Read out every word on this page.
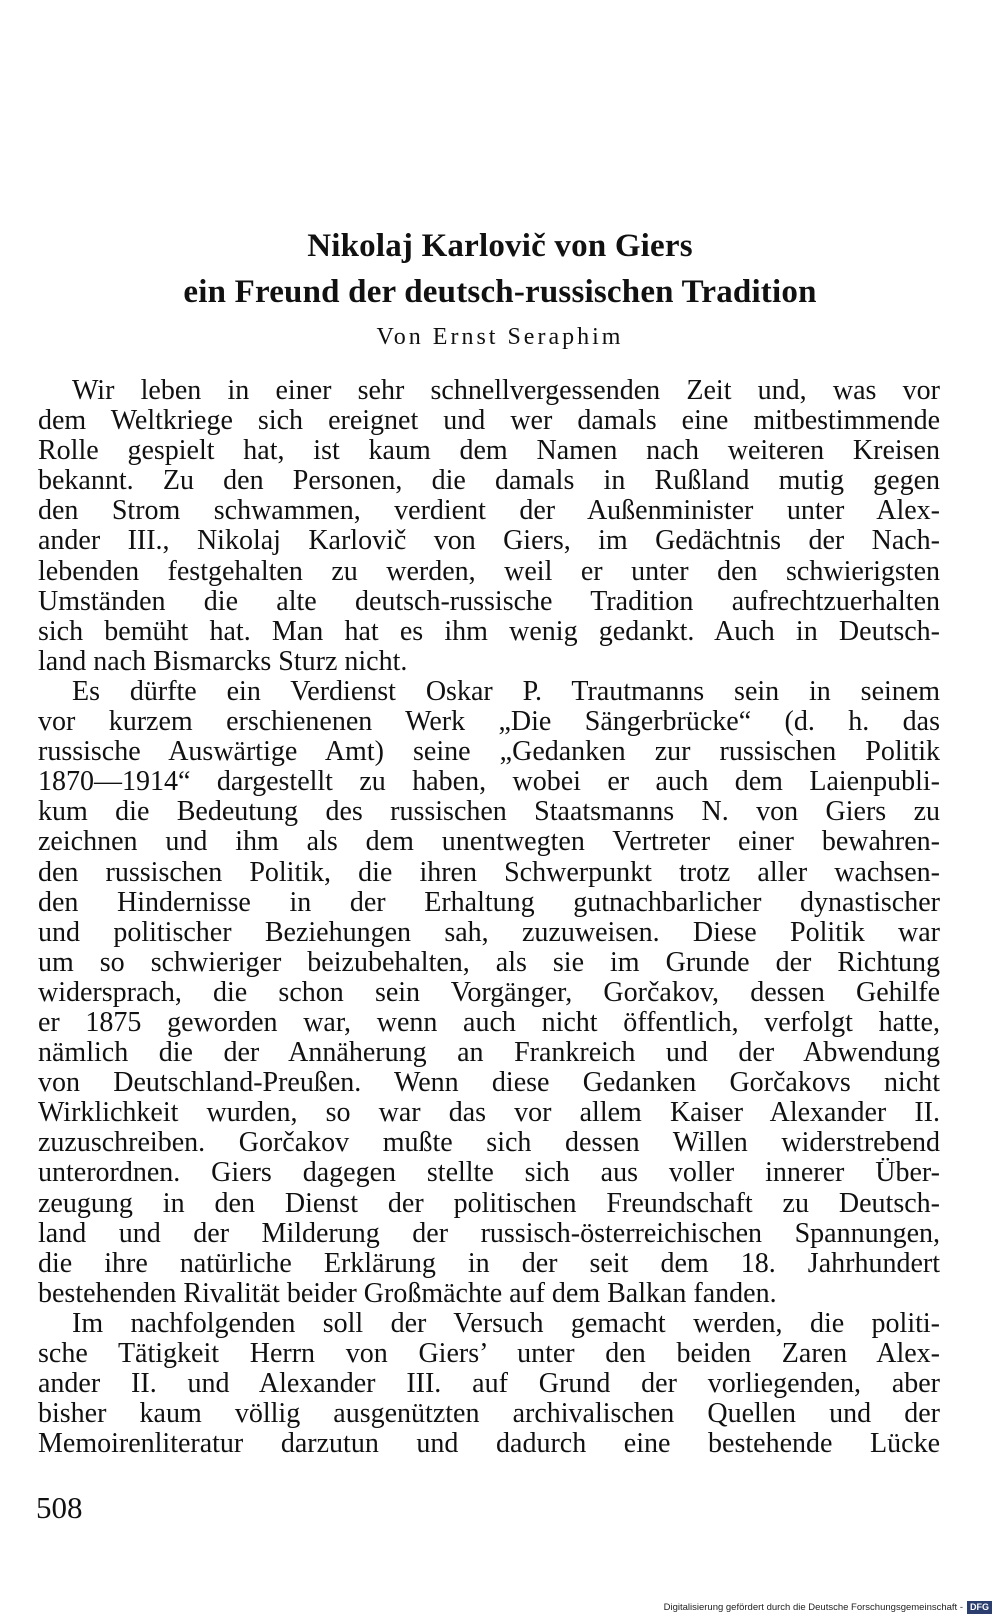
Nikolaj Karlovič von Giers
ein Freund der deutsch-russischen Tradition
Von Ernst Seraphim
Wir leben in einer sehr schnellvergessenden Zeit und, was vor
dem Weltkriege sich ereignet und wer damals eine mitbestimmende
Rolle gespielt hat, ist kaum dem Namen nach weiteren Kreisen
bekannt. Zu den Personen, die damals in Rußland mutig gegen
den Strom schwammen, verdient der Außenminister unter Alex-
ander III., Nikolaj Karlovič von Giers, im Gedächtnis der Nach-
lebenden festgehalten zu werden, weil er unter den schwierigsten
Umständen die alte deutsch-russische Tradition aufrechtzuerhalten
sich bemüht hat. Man hat es ihm wenig gedankt. Auch in Deutsch-
land nach Bismarcks Sturz nicht.
Es dürfte ein Verdienst Oskar P. Trautmanns sein in seinem
vor kurzem erschienenen Werk „Die Sängerbrücke“ (d. h. das
russische Auswärtige Amt) seine „Gedanken zur russischen Politik
1870—1914“ dargestellt zu haben, wobei er auch dem Laienpubli-
kum die Bedeutung des russischen Staatsmanns N. von Giers zu
zeichnen und ihm als dem unentwegten Vertreter einer bewahren-
den russischen Politik, die ihren Schwerpunkt trotz aller wachsen-
den Hindernisse in der Erhaltung gutnachbarlicher dynastischer
und politischer Beziehungen sah, zuzuweisen. Diese Politik war
um so schwieriger beizubehalten, als sie im Grunde der Richtung
widersprach, die schon sein Vorgänger, Gorčakov, dessen Gehilfe
er 1875 geworden war, wenn auch nicht öffentlich, verfolgt hatte,
nämlich die der Annäherung an Frankreich und der Abwendung
von Deutschland-Preußen. Wenn diese Gedanken Gorčakovs nicht
Wirklichkeit wurden, so war das vor allem Kaiser Alexander II.
zuzuschreiben. Gorčakov mußte sich dessen Willen widerstrebend
unterordnen. Giers dagegen stellte sich aus voller innerer Über-
zeugung in den Dienst der politischen Freundschaft zu Deutsch-
land und der Milderung der russisch-österreichischen Spannungen,
die ihre natürliche Erklärung in der seit dem 18. Jahrhundert
bestehenden Rivalität beider Großmächte auf dem Balkan fanden.
Im nachfolgenden soll der Versuch gemacht werden, die politi-
sche Tätigkeit Herrn von Giers’ unter den beiden Zaren Alex-
ander II. und Alexander III. auf Grund der vorliegenden, aber
bisher kaum völlig ausgenützten archivalischen Quellen und der
Memoirenliteratur darzutun und dadurch eine bestehende Lücke
508
Digitalisierung gefördert durch die Deutsche Forschungsgemeinschaft - DFG
